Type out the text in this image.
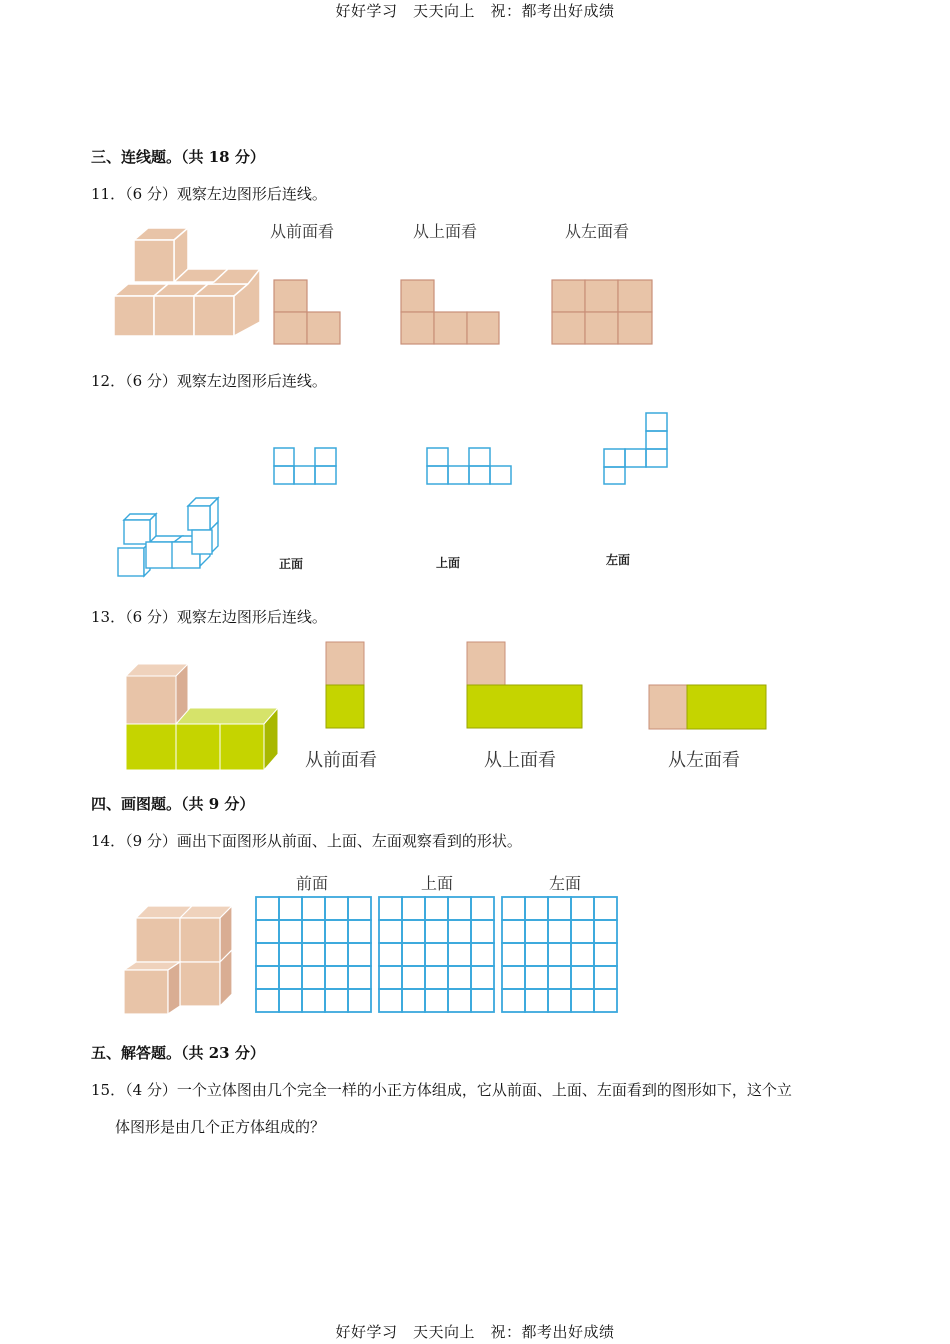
好好学习　天天向上　祝：都考出好成绩
三、连线题。（共 18 分）
11．（6 分）观察左边图形后连线。
从前面看	从上面看	从左面看
12．（6 分）观察左边图形后连线。
正面	上面	左面
13．（6 分）观察左边图形后连线。
从前面看	从上面看	从左面看
四、画图题。（共 9 分）
14．（9 分）画出下面图形从前面、上面、左面观察看到的形状。
前面	上面	左面
五、解答题。（共 23 分）
15．（4 分）一个立体图由几个完全一样的小正方体组成，它从前面、上面、左面看到的图形如下，这个立
体图形是由几个正方体组成的？
好好学习　天天向上　祝：都考出好成绩
